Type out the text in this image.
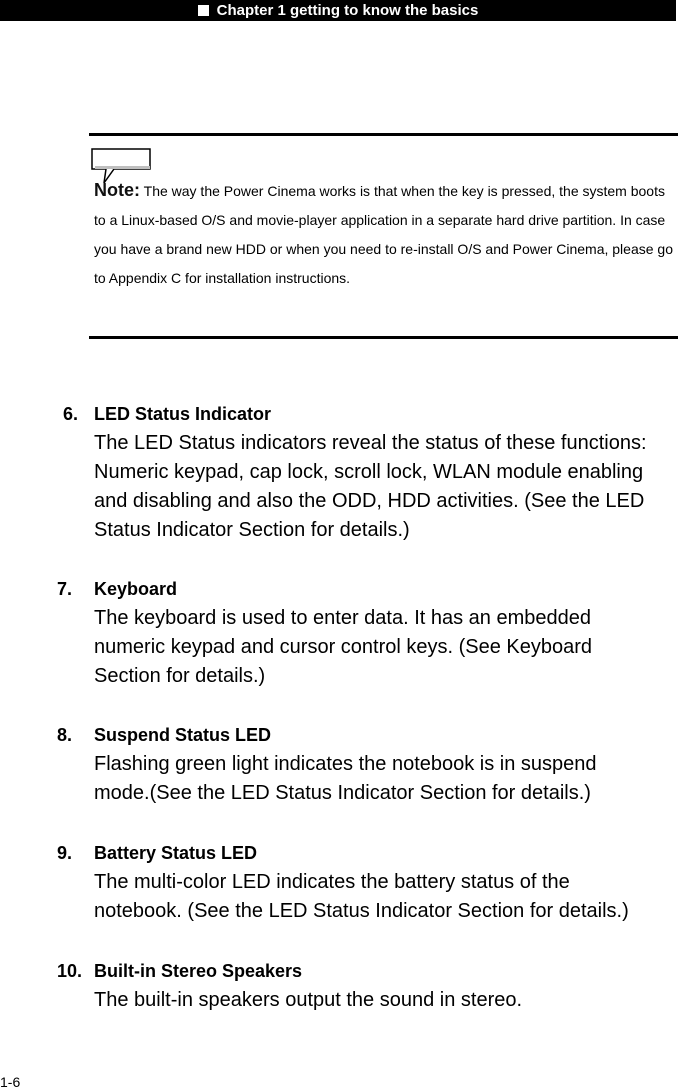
Chapter 1 getting to know the basics
Note: The way the Power Cinema works is that when the key is pressed, the system boots to a Linux-based O/S and movie-player application in a separate hard drive partition. In case you have a brand new HDD or when you need to re-install O/S and Power Cinema, please go to Appendix C for installation instructions.
6. LED Status Indicator
The LED Status indicators reveal the status of these functions: Numeric keypad, cap lock, scroll lock, WLAN module enabling and disabling and also the ODD, HDD activities. (See the LED Status Indicator Section for details.)
7. Keyboard
The keyboard is used to enter data. It has an embedded numeric keypad and cursor control keys. (See Keyboard Section for details.)
8. Suspend Status LED
Flashing green light indicates the notebook is in suspend mode.(See the LED Status Indicator Section for details.)
9. Battery Status LED
The multi-color LED indicates the battery status of the notebook. (See the LED Status Indicator Section for details.)
10. Built-in Stereo Speakers
The built-in speakers output the sound in stereo.
1-6
